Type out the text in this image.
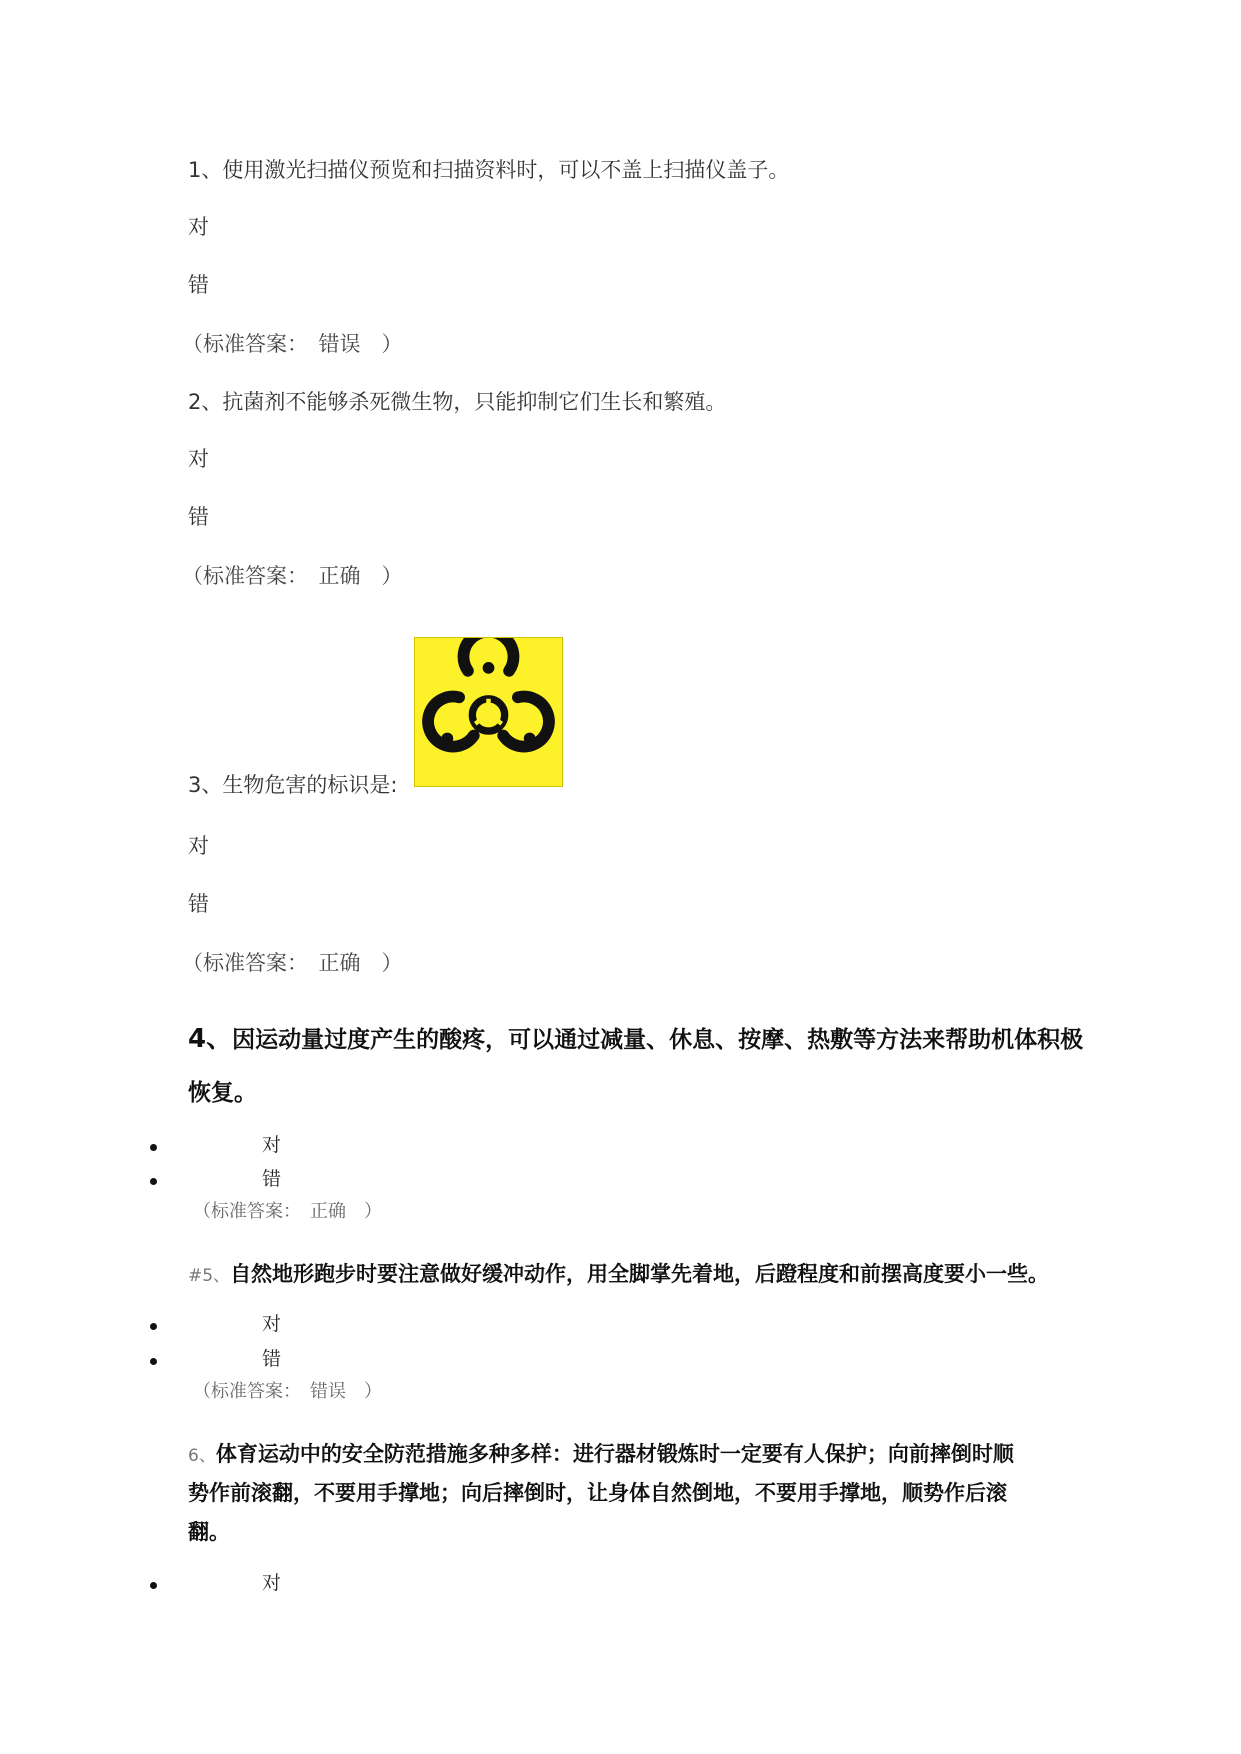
1、使用激光扫描仪预览和扫描资料时，可以不盖上扫描仪盖子。
对
错
（标准答案：　错误　）
2、抗菌剂不能够杀死微生物，只能抑制它们生长和繁殖。
对
错
（标准答案：　正确　）
3、生物危害的标识是:
对
错
（标准答案：　正确　）
4、因运动量过度产生的酸疼，可以通过减量、休息、按摩、热敷等方法来帮助机体积极
恢复。
对
错
（标准答案：　正确　）
#5、自然地形跑步时要注意做好缓冲动作，用全脚掌先着地，后蹬程度和前摆高度要小一些。
对
错
（标准答案：　错误　）
6、体育运动中的安全防范措施多种多样：进行器材锻炼时一定要有人保护；向前摔倒时顺
势作前滚翻，不要用手撑地；向后摔倒时，让身体自然倒地，不要用手撑地，顺势作后滚
翻。
对
